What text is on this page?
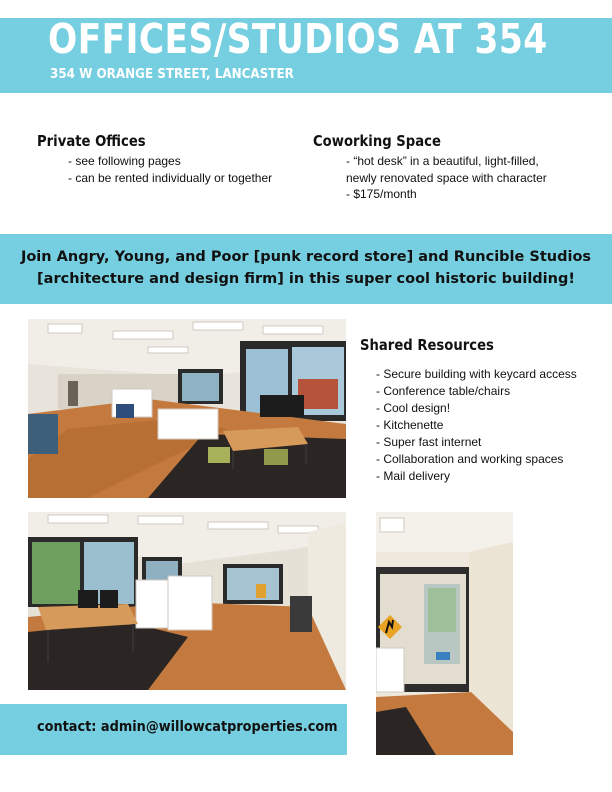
OFFICES/STUDIOS AT 354
354 W ORANGE STREET, LANCASTER
Private Offices
- see following pages
- can be rented individually or together
Coworking Space
- “hot desk” in a beautiful, light-filled,
newly renovated space with character
- $175/month
Join Angry, Young, and Poor [punk record store] and Runcible Studios
[architecture and design firm] in this super cool historic building!
Shared Resources
- Secure building with keycard access
- Conference table/chairs
- Cool design!
- Kitchenette
- Super fast internet
- Collaboration and working spaces
- Mail delivery
contact: admin@willowcatproperties.com
